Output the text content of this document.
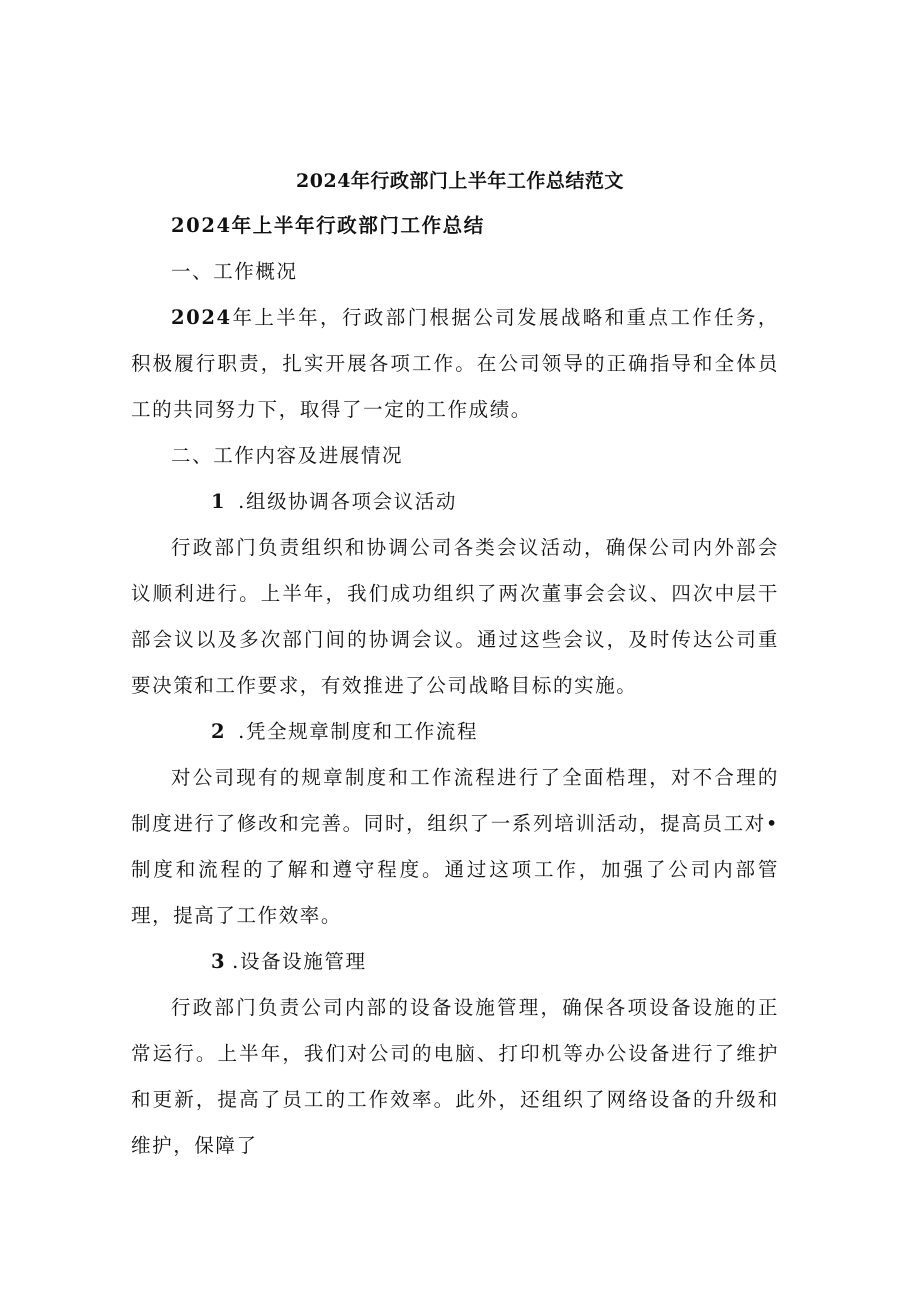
2024年行政部门上半年工作总结范文

2024年上半年行政部门工作总结

一、工作概况

2024年上半年，行政部门根据公司发展战略和重点工作任务，积极履行职责，扎实开展各项工作。在公司领导的正确指导和全体员工的共同努力下，取得了一定的工作成绩。

二、工作内容及进展情况

1 .组级协调各项会议活动

行政部门负责组织和协调公司各类会议活动，确保公司内外部会议顺利进行。上半年，我们成功组织了两次董事会会议、四次中层干部会议以及多次部门间的协调会议。通过这些会议，及时传达公司重要决策和工作要求，有效推进了公司战略目标的实施。

2 .凭全规章制度和工作流程

对公司现有的规章制度和工作流程进行了全面梏理，对不合理的制度进行了修改和完善。同时，组织了一系列培训活动，提高员工对•制度和流程的了解和遵守程度。通过这项工作，加强了公司内部管理，提高了工作效率。

3 .设备设施管理

行政部门负责公司内部的设备设施管理，确保各项设备设施的正常运行。上半年，我们对公司的电脑、打印机等办公设备进行了维护和更新，提高了员工的工作效率。此外，还组织了网络设备的升级和维护，保障了
